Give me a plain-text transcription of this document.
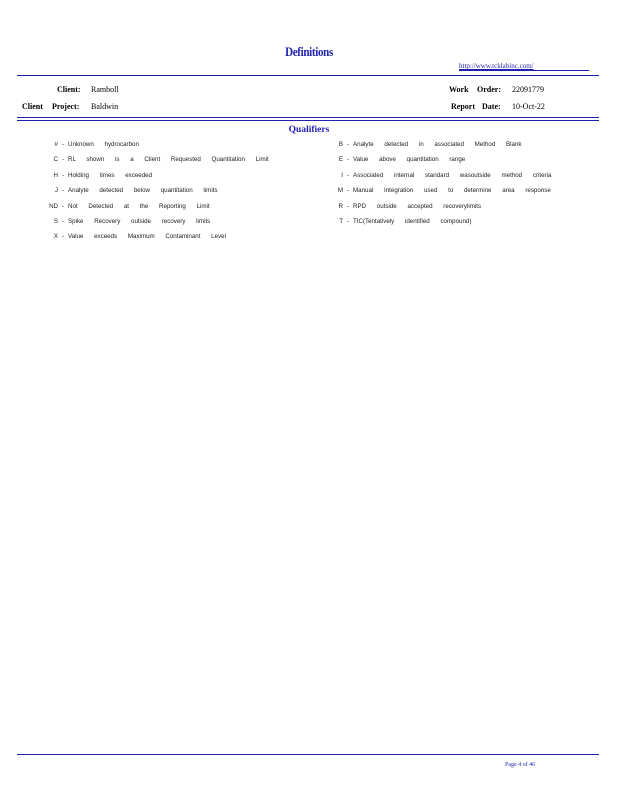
Definitions
http://www.tcklabinc.com/
Client: Ramboll
Client Project: Baldwin
Work Order: 22091779
Report Date: 10-Oct-22
Qualifiers
# - Unknown hydrocarbon
C - RL shown is a Client Requested Quantitation Limit
H - Holding times exceeded
J - Analyte detected below quantitation limits
ND - Not Detected at the Reporting Limit
S - Spike Recovery outside recovery limits
X - Value exceeds Maximum Contaminant Level
B - Analyte detected in associated Method Blank
E - Value above quantitation range
I - Associated internal standard wasoutside method criteria
M - Manual Integration used to determine area response
R - RPD outside accepted recoverylimits
T - TIC(Tentatively identified compound)
Page 4 of 46
